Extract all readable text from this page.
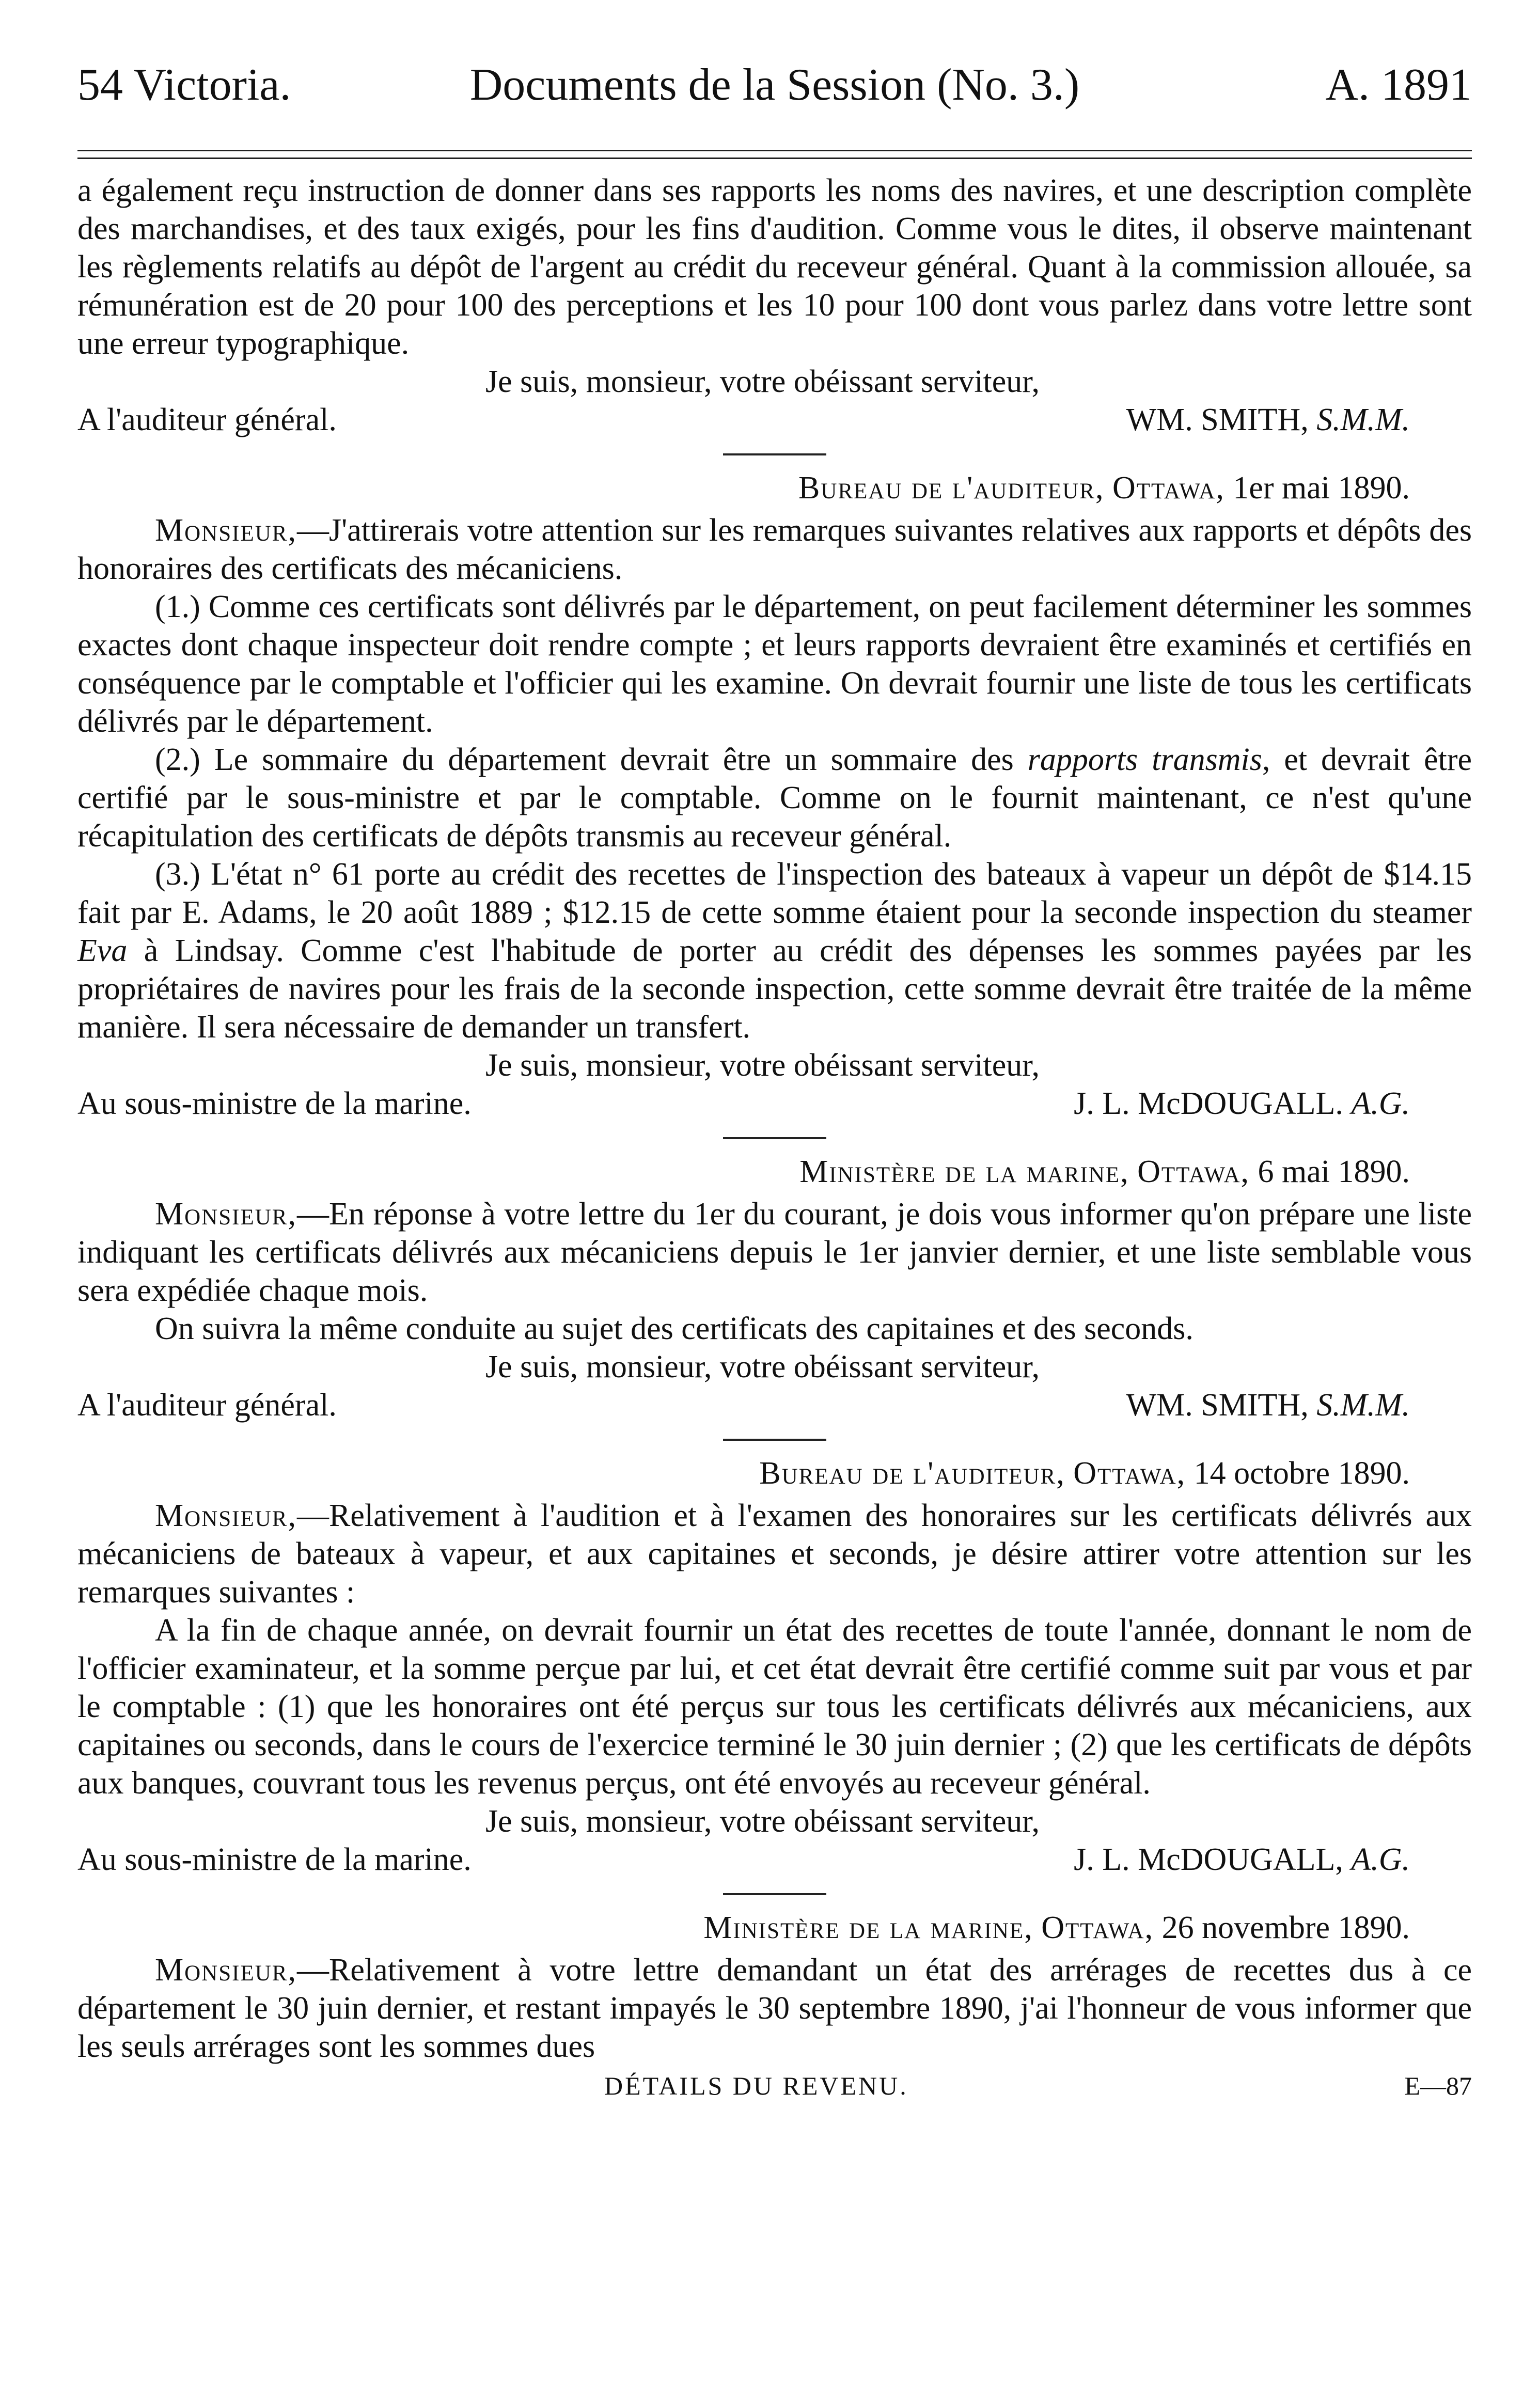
54 Victoria.	Documents de la Session (No. 3.)	A. 1891

a également reçu instruction de donner dans ses rapports les noms des navires, et une description complète des marchandises, et des taux exigés, pour les fins d'audition. Comme vous le dites, il observe maintenant les règlements relatifs au dépôt de l'argent au crédit du receveur général. Quant à la commission allouée, sa rémunération est de 20 pour 100 des perceptions et les 10 pour 100 dont vous parlez dans votre lettre sont une erreur typographique.

Je suis, monsieur, votre obéissant serviteur,

A l'auditeur général.	WM. SMITH, S.M.M.

Bureau de l'auditeur, Ottawa, 1er mai 1890.

Monsieur,—J'attirerais votre attention sur les remarques suivantes relatives aux rapports et dépôts des honoraires des certificats des mécaniciens.

(1.) Comme ces certificats sont délivrés par le département, on peut facilement déterminer les sommes exactes dont chaque inspecteur doit rendre compte ; et leurs rapports devraient être examinés et certifiés en conséquence par le comptable et l'officier qui les examine. On devrait fournir une liste de tous les certificats délivrés par le département.

(2.) Le sommaire du département devrait être un sommaire des rapports transmis, et devrait être certifié par le sous-ministre et par le comptable. Comme on le fournit maintenant, ce n'est qu'une récapitulation des certificats de dépôts transmis au receveur général.

(3.) L'état n° 61 porte au crédit des recettes de l'inspection des bateaux à vapeur un dépôt de $14.15 fait par E. Adams, le 20 août 1889 ; $12.15 de cette somme étaient pour la seconde inspection du steamer Eva à Lindsay. Comme c'est l'habitude de porter au crédit des dépenses les sommes payées par les propriétaires de navires pour les frais de la seconde inspection, cette somme devrait être traitée de la même manière. Il sera nécessaire de demander un transfert.

Je suis, monsieur, votre obéissant serviteur,

Au sous-ministre de la marine.	J. L. McDOUGALL. A.G.

Ministère de la marine, Ottawa, 6 mai 1890.

Monsieur,—En réponse à votre lettre du 1er du courant, je dois vous informer qu'on prépare une liste indiquant les certificats délivrés aux mécaniciens depuis le 1er janvier dernier, et une liste semblable vous sera expédiée chaque mois.

On suivra la même conduite au sujet des certificats des capitaines et des seconds.

Je suis, monsieur, votre obéissant serviteur,

A l'auditeur général.	WM. SMITH, S.M.M.

Bureau de l'auditeur, Ottawa, 14 octobre 1890.

Monsieur,—Relativement à l'audition et à l'examen des honoraires sur les certificats délivrés aux mécaniciens de bateaux à vapeur, et aux capitaines et seconds, je désire attirer votre attention sur les remarques suivantes :

A la fin de chaque année, on devrait fournir un état des recettes de toute l'année, donnant le nom de l'officier examinateur, et la somme perçue par lui, et cet état devrait être certifié comme suit par vous et par le comptable : (1) que les honoraires ont été perçus sur tous les certificats délivrés aux mécaniciens, aux capitaines ou seconds, dans le cours de l'exercice terminé le 30 juin dernier ; (2) que les certificats de dépôts aux banques, couvrant tous les revenus perçus, ont été envoyés au receveur général.

Je suis, monsieur, votre obéissant serviteur,

Au sous-ministre de la marine.	J. L. McDOUGALL, A.G.

Ministère de la marine, Ottawa, 26 novembre 1890.

Monsieur,—Relativement à votre lettre demandant un état des arrérages de recettes dus à ce département le 30 juin dernier, et restant impayés le 30 septembre 1890, j'ai l'honneur de vous informer que les seuls arrérages sont les sommes dues

DÉTAILS DU REVENU.	E—87
